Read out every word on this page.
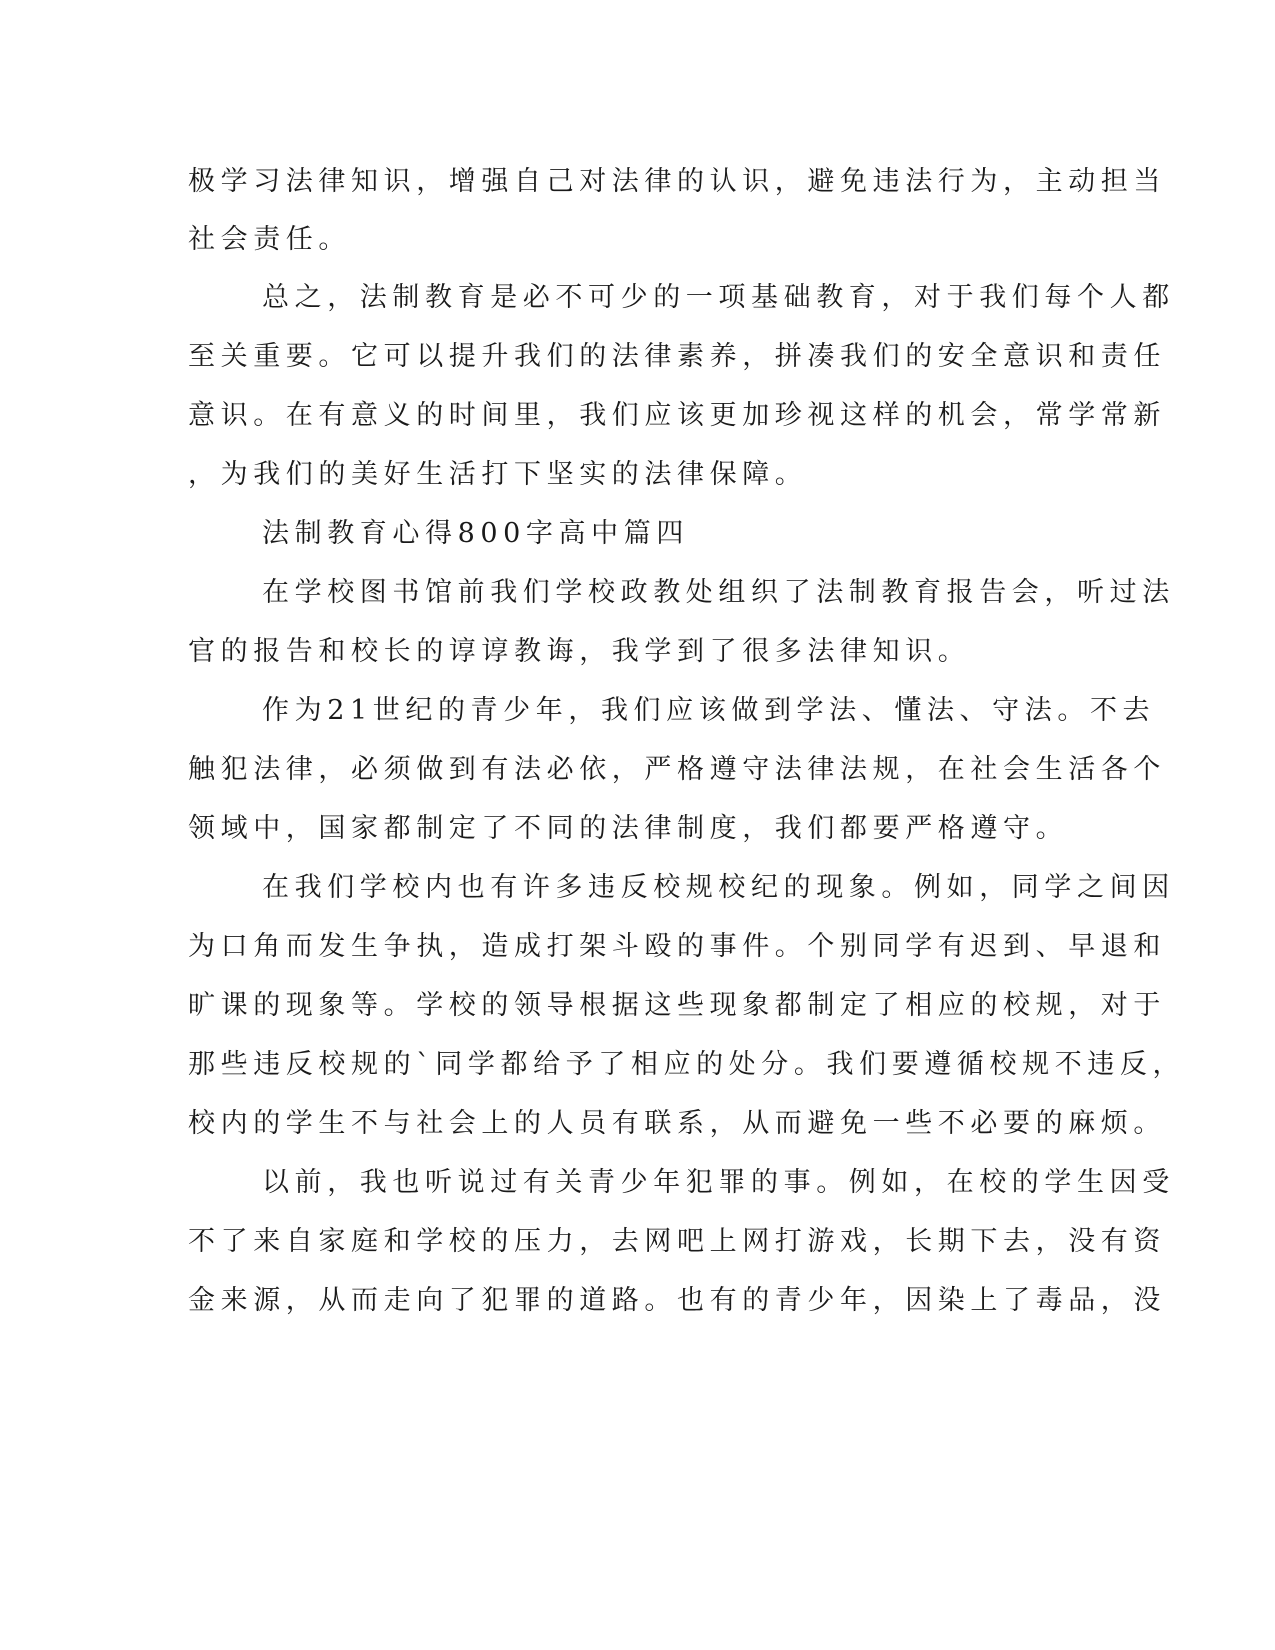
极学习法律知识，增强自己对法律的认识，避免违法行为，主动担当
社会责任。
总之，法制教育是必不可少的一项基础教育，对于我们每个人都
至关重要。它可以提升我们的法律素养，拼凑我们的安全意识和责任
意识。在有意义的时间里，我们应该更加珍视这样的机会，常学常新
，为我们的美好生活打下坚实的法律保障。
法制教育心得800字高中篇四
在学校图书馆前我们学校政教处组织了法制教育报告会，听过法
官的报告和校长的谆谆教诲，我学到了很多法律知识。
作为21世纪的青少年，我们应该做到学法、懂法、守法。不去
触犯法律，必须做到有法必依，严格遵守法律法规，在社会生活各个
领域中，国家都制定了不同的法律制度，我们都要严格遵守。
在我们学校内也有许多违反校规校纪的现象。例如，同学之间因
为口角而发生争执，造成打架斗殴的事件。个别同学有迟到、早退和
旷课的现象等。学校的领导根据这些现象都制定了相应的校规，对于
那些违反校规的`同学都给予了相应的处分。我们要遵循校规不违反，
校内的学生不与社会上的人员有联系，从而避免一些不必要的麻烦。
以前，我也听说过有关青少年犯罪的事。例如，在校的学生因受
不了来自家庭和学校的压力，去网吧上网打游戏，长期下去，没有资
金来源，从而走向了犯罪的道路。也有的青少年，因染上了毒品，没
